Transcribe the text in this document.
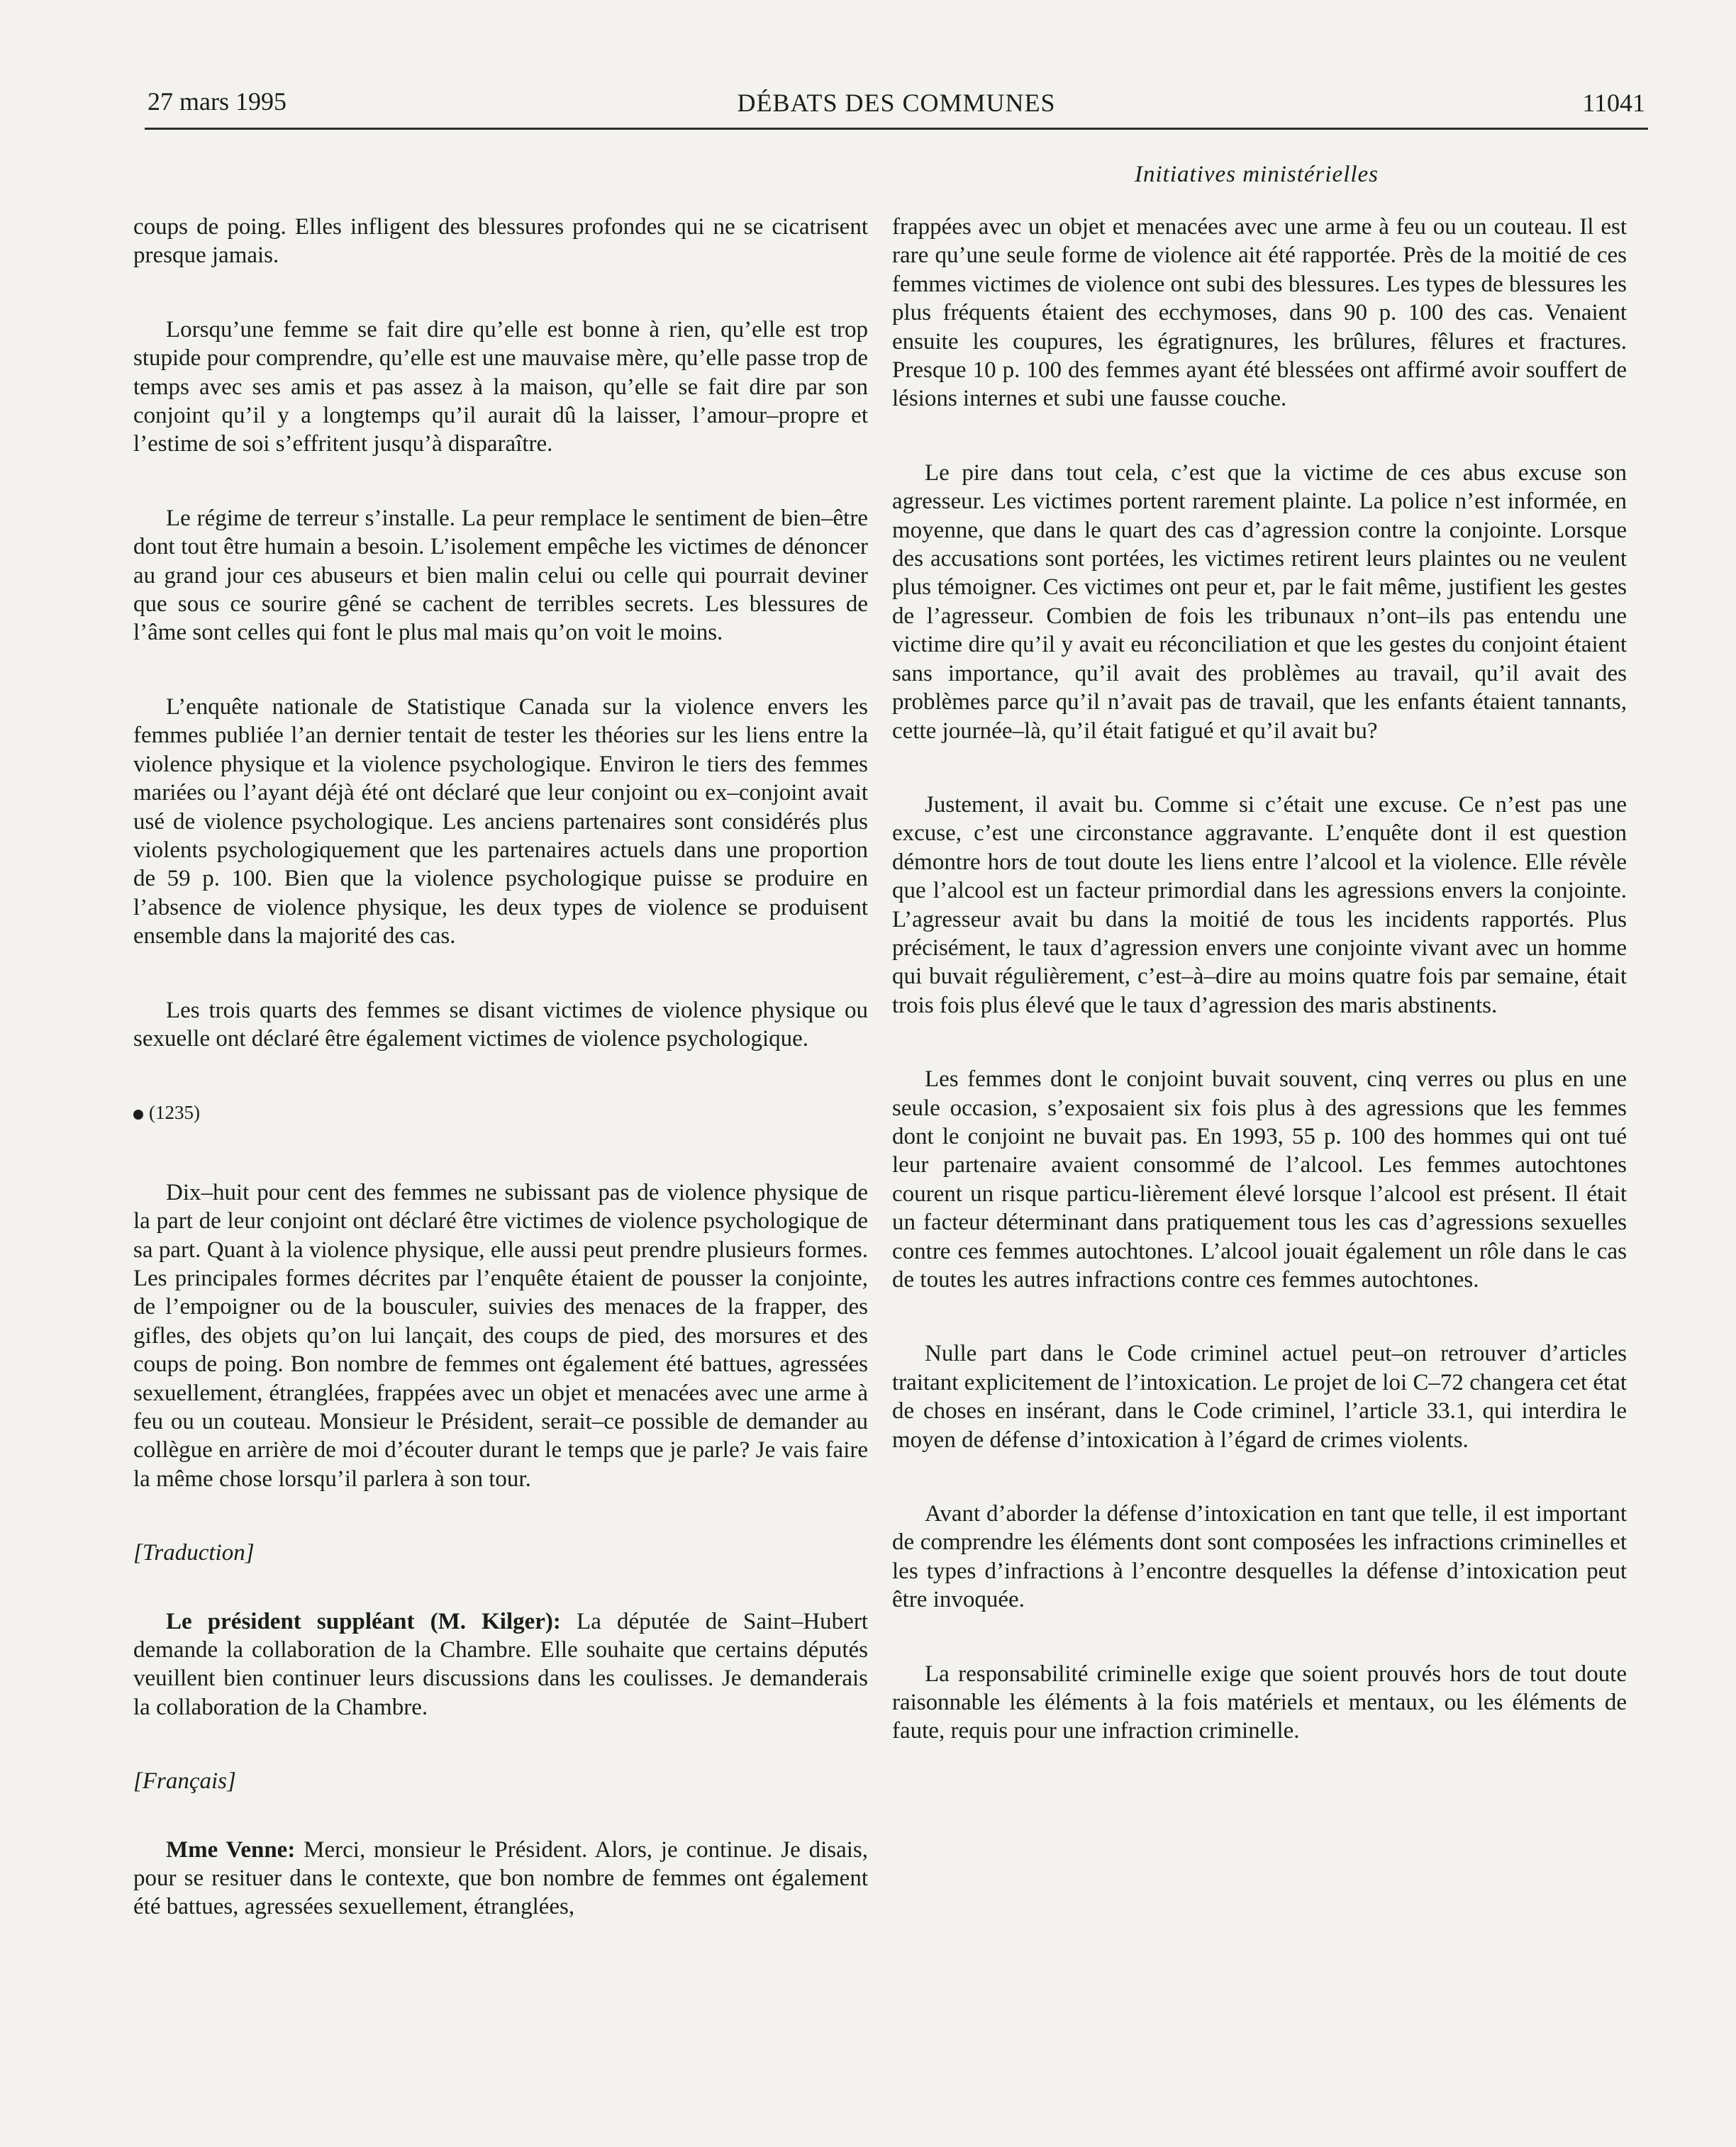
27 mars 1995	DÉBATS DES COMMUNES	11041
Initiatives ministérielles

coups de poing. Elles infligent des blessures profondes qui ne se cicatrisent presque jamais.

Lorsqu’une femme se fait dire qu’elle est bonne à rien, qu’elle est trop stupide pour comprendre, qu’elle est une mauvaise mère, qu’elle passe trop de temps avec ses amis et pas assez à la maison, qu’elle se fait dire par son conjoint qu’il y a longtemps qu’il aurait dû la laisser, l’amour–propre et l’estime de soi s’effritent jusqu’à disparaître.

Le régime de terreur s’installe. La peur remplace le sentiment de bien–être dont tout être humain a besoin. L’isolement empêche les victimes de dénoncer au grand jour ces abuseurs et bien malin celui ou celle qui pourrait deviner que sous ce sourire gêné se cachent de terribles secrets. Les blessures de l’âme sont celles qui font le plus mal mais qu’on voit le moins.

L’enquête nationale de Statistique Canada sur la violence envers les femmes publiée l’an dernier tentait de tester les théories sur les liens entre la violence physique et la violence psychologique. Environ le tiers des femmes mariées ou l’ayant déjà été ont déclaré que leur conjoint ou ex–conjoint avait usé de violence psychologique. Les anciens partenaires sont considérés plus violents psychologiquement que les partenaires actuels dans une proportion de 59 p. 100. Bien que la violence psychologique puisse se produire en l’absence de violence physique, les deux types de violence se produisent ensemble dans la majorité des cas.

Les trois quarts des femmes se disant victimes de violence physique ou sexuelle ont déclaré être également victimes de violence psychologique.

(1235)

Dix–huit pour cent des femmes ne subissant pas de violence physique de la part de leur conjoint ont déclaré être victimes de violence psychologique de sa part. Quant à la violence physique, elle aussi peut prendre plusieurs formes. Les principales formes décrites par l’enquête étaient de pousser la conjointe, de l’empoigner ou de la bousculer, suivies des menaces de la frapper, des gifles, des objets qu’on lui lançait, des coups de pied, des morsures et des coups de poing. Bon nombre de femmes ont également été battues, agressées sexuellement, étranglées, frappées avec un objet et menacées avec une arme à feu ou un couteau. Monsieur le Président, serait–ce possible de demander au collègue en arrière de moi d’écouter durant le temps que je parle? Je vais faire la même chose lorsqu’il parlera à son tour.

[Traduction]

Le président suppléant (M. Kilger): La députée de Saint–Hubert demande la collaboration de la Chambre. Elle souhaite que certains députés veuillent bien continuer leurs discussions dans les coulisses. Je demanderais la collaboration de la Chambre.

[Français]

Mme Venne: Merci, monsieur le Président. Alors, je continue. Je disais, pour se resituer dans le contexte, que bon nombre de femmes ont également été battues, agressées sexuellement, étranglées,

frappées avec un objet et menacées avec une arme à feu ou un couteau. Il est rare qu’une seule forme de violence ait été rapportée. Près de la moitié de ces femmes victimes de violence ont subi des blessures. Les types de blessures les plus fréquents étaient des ecchymoses, dans 90 p. 100 des cas. Venaient ensuite les coupures, les égratignures, les brûlures, fêlures et fractures. Presque 10 p. 100 des femmes ayant été blessées ont affirmé avoir souffert de lésions internes et subi une fausse couche.

Le pire dans tout cela, c’est que la victime de ces abus excuse son agresseur. Les victimes portent rarement plainte. La police n’est informée, en moyenne, que dans le quart des cas d’agression contre la conjointe. Lorsque des accusations sont portées, les victimes retirent leurs plaintes ou ne veulent plus témoigner. Ces victimes ont peur et, par le fait même, justifient les gestes de l’agresseur. Combien de fois les tribunaux n’ont–ils pas entendu une victime dire qu’il y avait eu réconciliation et que les gestes du conjoint étaient sans importance, qu’il avait des problèmes au travail, qu’il avait des problèmes parce qu’il n’avait pas de travail, que les enfants étaient tannants, cette journée–là, qu’il était fatigué et qu’il avait bu?

Justement, il avait bu. Comme si c’était une excuse. Ce n’est pas une excuse, c’est une circonstance aggravante. L’enquête dont il est question démontre hors de tout doute les liens entre l’alcool et la violence. Elle révèle que l’alcool est un facteur primordial dans les agressions envers la conjointe. L’agresseur avait bu dans la moitié de tous les incidents rapportés. Plus précisément, le taux d’agression envers une conjointe vivant avec un homme qui buvait régulièrement, c’est–à–dire au moins quatre fois par semaine, était trois fois plus élevé que le taux d’agression des maris abstinents.

Les femmes dont le conjoint buvait souvent, cinq verres ou plus en une seule occasion, s’exposaient six fois plus à des agressions que les femmes dont le conjoint ne buvait pas. En 1993, 55 p. 100 des hommes qui ont tué leur partenaire avaient consommé de l’alcool. Les femmes autochtones courent un risque particu-lièrement élevé lorsque l’alcool est présent. Il était un facteur déterminant dans pratiquement tous les cas d’agressions sexuelles contre ces femmes autochtones. L’alcool jouait également un rôle dans le cas de toutes les autres infractions contre ces femmes autochtones.

Nulle part dans le Code criminel actuel peut–on retrouver d’articles traitant explicitement de l’intoxication. Le projet de loi C–72 changera cet état de choses en insérant, dans le Code criminel, l’article 33.1, qui interdira le moyen de défense d’intoxication à l’égard de crimes violents.

Avant d’aborder la défense d’intoxication en tant que telle, il est important de comprendre les éléments dont sont composées les infractions criminelles et les types d’infractions à l’encontre desquelles la défense d’intoxication peut être invoquée.

La responsabilité criminelle exige que soient prouvés hors de tout doute raisonnable les éléments à la fois matériels et mentaux, ou les éléments de faute, requis pour une infraction criminelle.
